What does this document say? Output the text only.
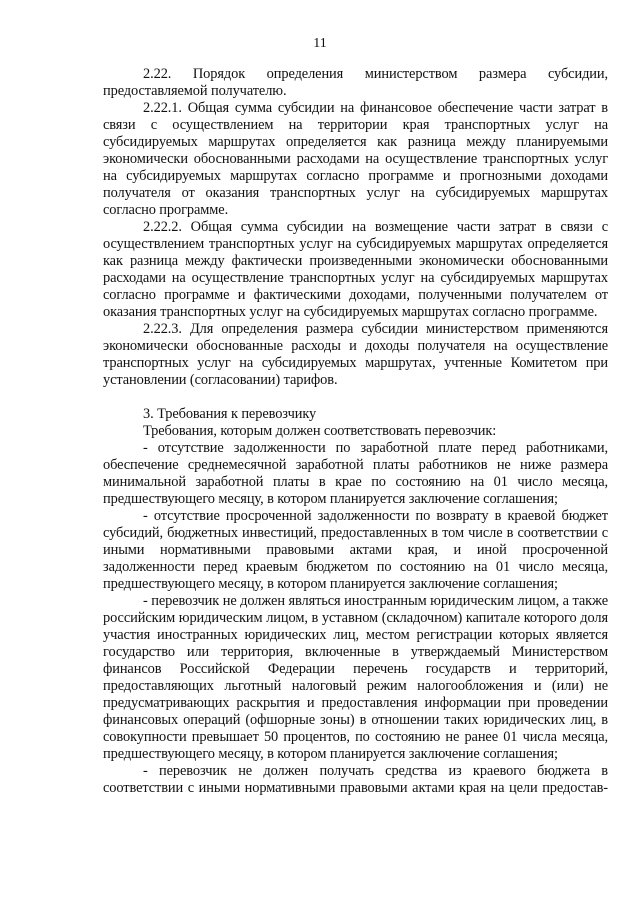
11

2.22. Порядок определения министерством размера субсидии, предоставляемой получателю.

2.22.1. Общая сумма субсидии на финансовое обеспечение части затрат в связи с осуществлением на территории края транспортных услуг на субсидируемых маршрутах определяется как разница между планируемыми экономически обоснованными расходами на осуществление транспортных услуг на субсидируемых маршрутах согласно программе и прогнозными доходами получателя от оказания транспортных услуг на субсидируемых маршрутах согласно программе.

2.22.2. Общая сумма субсидии на возмещение части затрат в связи с осуществлением транспортных услуг на субсидируемых маршрутах определяется как разница между фактически произведенными экономически обоснованными расходами на осуществление транспортных услуг на субсидируемых маршрутах согласно программе и фактическими доходами, полученными получателем от оказания транспортных услуг на субсидируемых маршрутах согласно программе.

2.22.3. Для определения размера субсидии министерством применяются экономически обоснованные расходы и доходы получателя на осуществление транспортных услуг на субсидируемых маршрутах, учтенные Комитетом при установлении (согласовании) тарифов.

3. Требования к перевозчику

Требования, которым должен соответствовать перевозчик:

- отсутствие задолженности по заработной плате перед работниками, обеспечение среднемесячной заработной платы работников не ниже размера минимальной заработной платы в крае по состоянию на 01 число месяца, предшествующего месяцу, в котором планируется заключение соглашения;

- отсутствие просроченной задолженности по возврату в краевой бюджет субсидий, бюджетных инвестиций, предоставленных в том числе в соответствии с иными нормативными правовыми актами края, и иной просроченной задолженности перед краевым бюджетом по состоянию на 01 число месяца, предшествующего месяцу, в котором планируется заключение соглашения;

- перевозчик не должен являться иностранным юридическим лицом, а также российским юридическим лицом, в уставном (складочном) капитале которого доля участия иностранных юридических лиц, местом регистрации которых является государство или территория, включенные в утверждаемый Министерством финансов Российской Федерации перечень государств и территорий, предоставляющих льготный налоговый режим налогообложения и (или) не предусматривающих раскрытия и предоставления информации при проведении финансовых операций (офшорные зоны) в отношении таких юридических лиц, в совокупности превышает 50 процентов, по состоянию не ранее 01 числа месяца, предшествующего месяцу, в котором планируется заключение соглашения;

- перевозчик не должен получать средства из краевого бюджета в соответствии с иными нормативными правовыми актами края на цели предостав-
